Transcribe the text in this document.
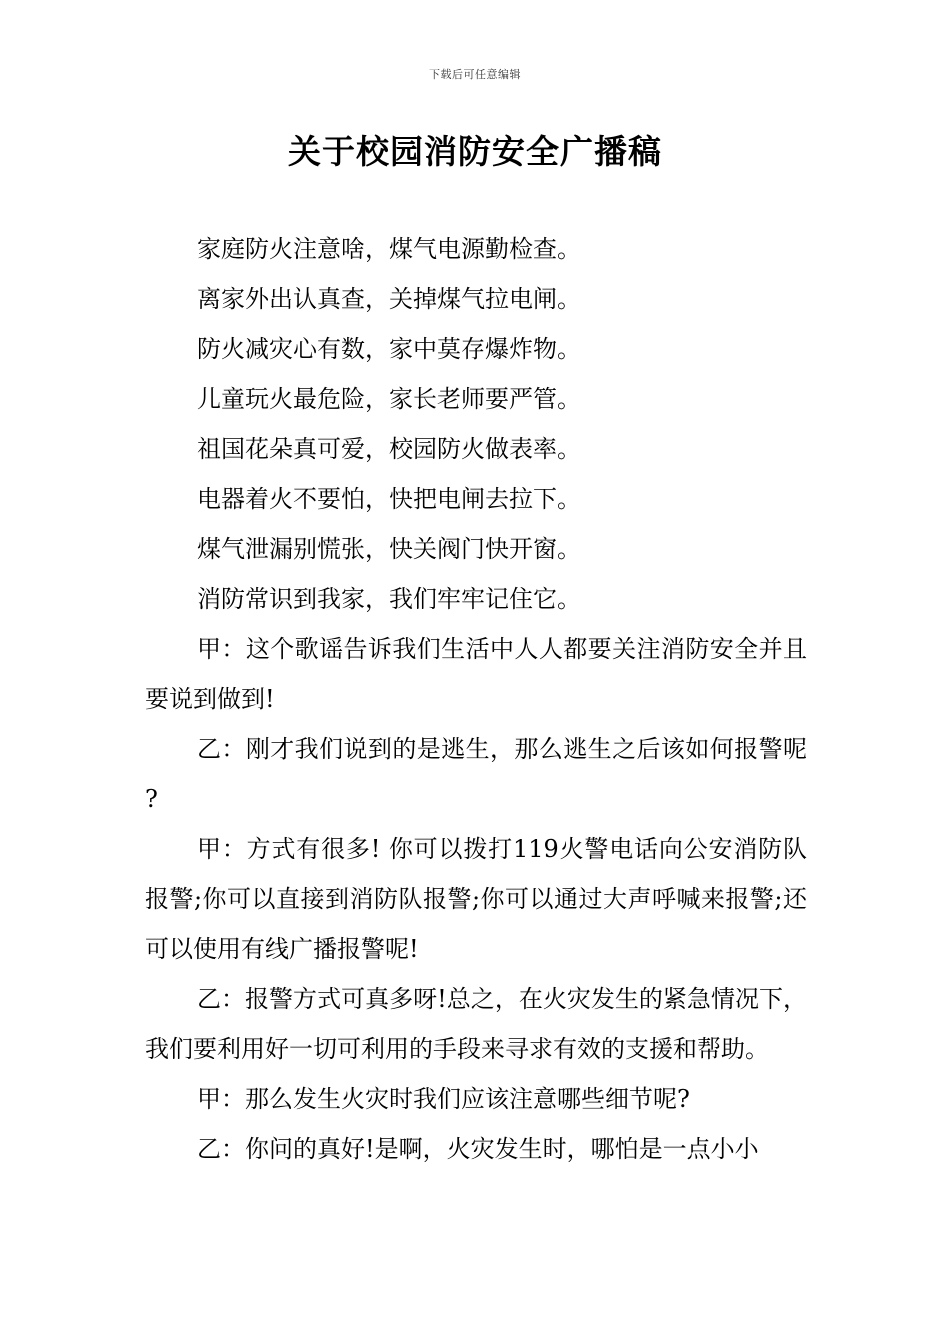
下载后可任意编辑
关于校园消防安全广播稿

家庭防火注意啥，煤气电源勤检查。

离家外出认真查，关掉煤气拉电闸。

防火减灾心有数，家中莫存爆炸物。

儿童玩火最危险，家长老师要严管。

祖国花朵真可爱，校园防火做表率。

电器着火不要怕，快把电闸去拉下。

煤气泄漏别慌张，快关阀门快开窗。

消防常识到我家，我们牢牢记住它。

甲：这个歌谣告诉我们生活中人人都要关注消防安全并且要说到做到!

乙：刚才我们说到的是逃生，那么逃生之后该如何报警呢?

甲：方式有很多! 你可以拨打119火警电话向公安消防队报警;你可以直接到消防队报警;你可以通过大声呼喊来报警;还可以使用有线广播报警呢!

乙：报警方式可真多呀!总之，在火灾发生的紧急情况下，我们要利用好一切可利用的手段来寻求有效的支援和帮助。

甲：那么发生火灾时我们应该注意哪些细节呢?

乙：你问的真好!是啊，火灾发生时，哪怕是一点小小
